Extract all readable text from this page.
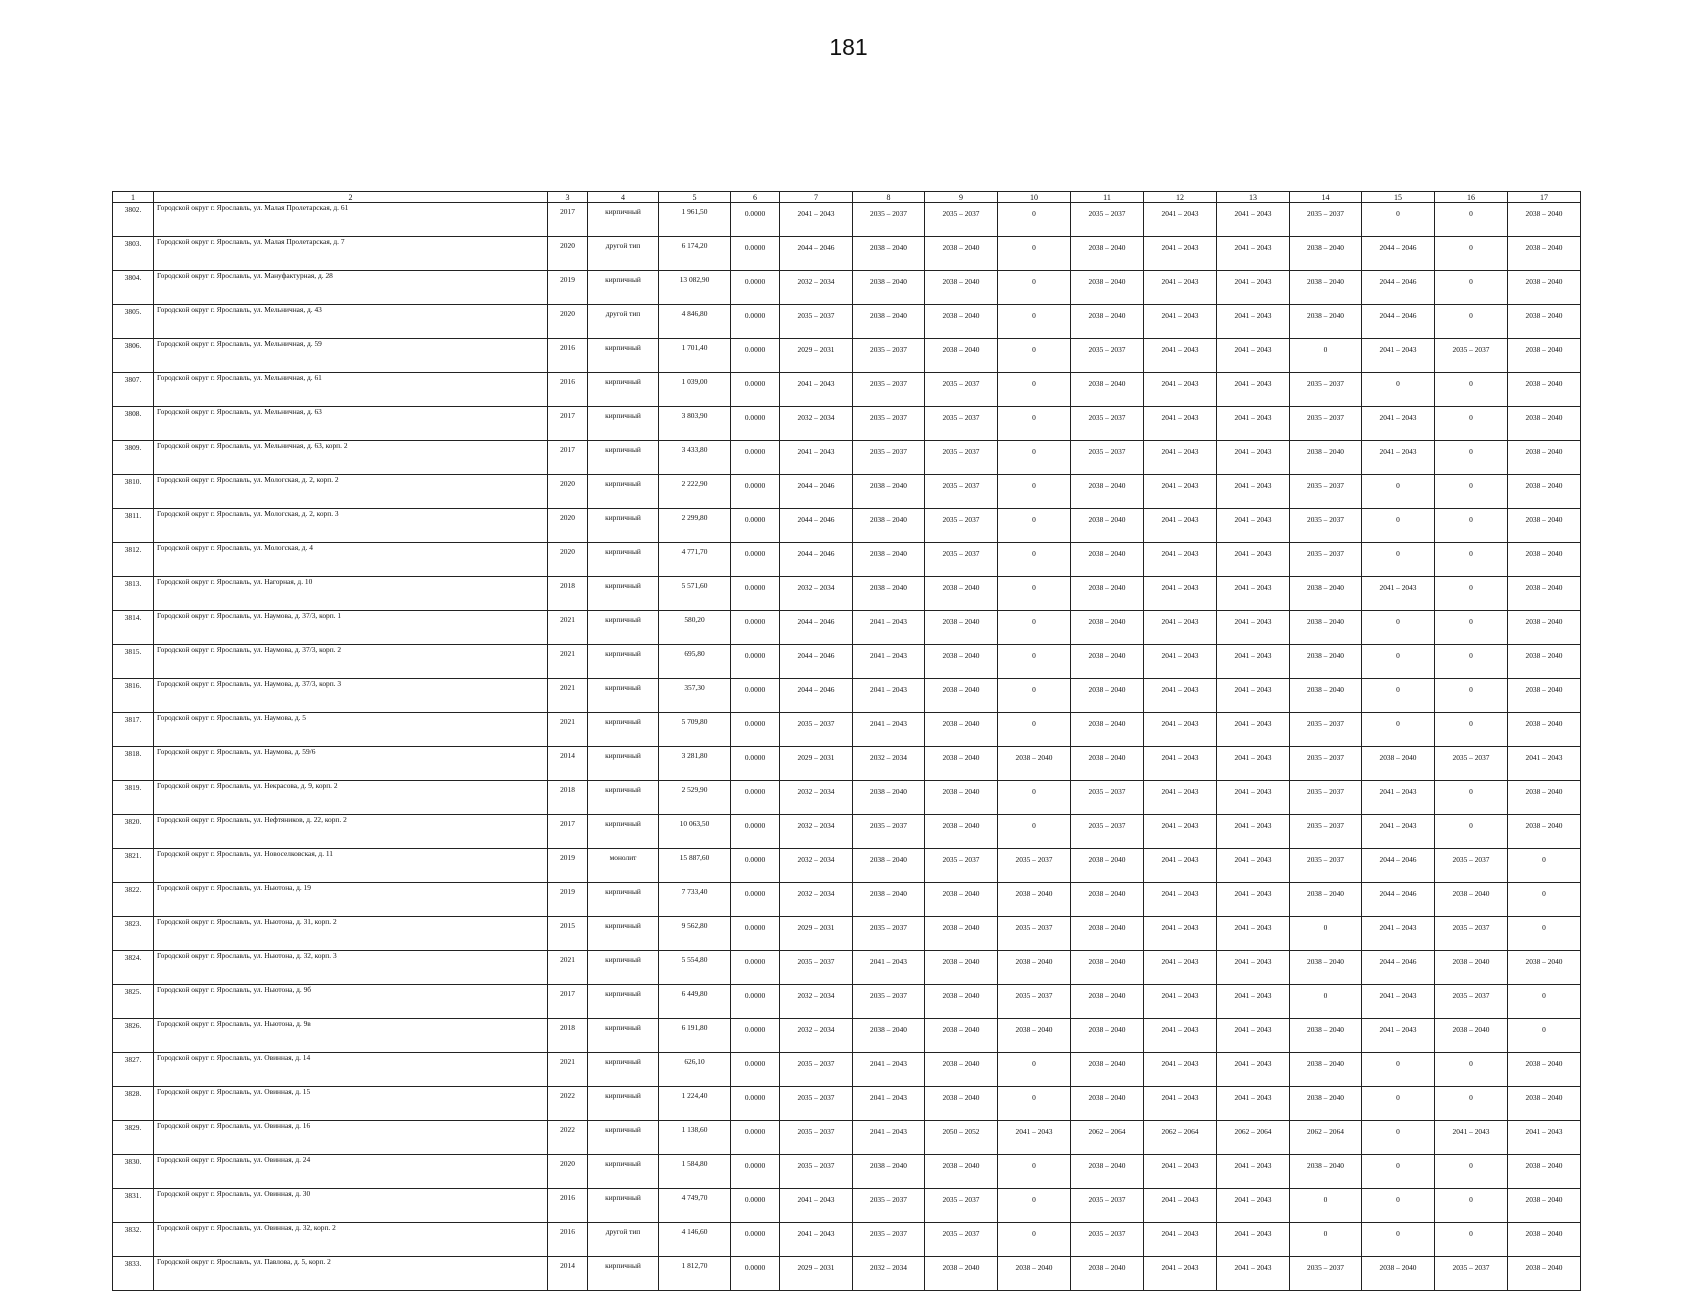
181
1	2	3	4	5	6	7	8	9	10	11	12	13	14	15	16	17
3802.	Городской округ г. Ярославль, ул. Малая Пролетарская, д. 61	2017	кирпичный	1 961,50	0.0000	2041 – 2043	2035 – 2037	2035 – 2037	0	2035 – 2037	2041 – 2043	2041 – 2043	2035 – 2037	0	0	2038 – 2040
3803.	Городской округ г. Ярославль, ул. Малая Пролетарская, д. 7	2020	другой тип	6 174,20	0.0000	2044 – 2046	2038 – 2040	2038 – 2040	0	2038 – 2040	2041 – 2043	2041 – 2043	2038 – 2040	2044 – 2046	0	2038 – 2040
3804.	Городской округ г. Ярославль, ул. Мануфактурная, д. 28	2019	кирпичный	13 082,90	0.0000	2032 – 2034	2038 – 2040	2038 – 2040	0	2038 – 2040	2041 – 2043	2041 – 2043	2038 – 2040	2044 – 2046	0	2038 – 2040
3805.	Городской округ г. Ярославль, ул. Мельничная, д. 43	2020	другой тип	4 846,80	0.0000	2035 – 2037	2038 – 2040	2038 – 2040	0	2038 – 2040	2041 – 2043	2041 – 2043	2038 – 2040	2044 – 2046	0	2038 – 2040
3806.	Городской округ г. Ярославль, ул. Мельничная, д. 59	2016	кирпичный	1 701,40	0.0000	2029 – 2031	2035 – 2037	2038 – 2040	0	2035 – 2037	2041 – 2043	2041 – 2043	0	2041 – 2043	2035 – 2037	2038 – 2040
3807.	Городской округ г. Ярославль, ул. Мельничная, д. 61	2016	кирпичный	1 039,00	0.0000	2041 – 2043	2035 – 2037	2035 – 2037	0	2038 – 2040	2041 – 2043	2041 – 2043	2035 – 2037	0	0	2038 – 2040
3808.	Городской округ г. Ярославль, ул. Мельничная, д. 63	2017	кирпичный	3 803,90	0.0000	2032 – 2034	2035 – 2037	2035 – 2037	0	2035 – 2037	2041 – 2043	2041 – 2043	2035 – 2037	2041 – 2043	0	2038 – 2040
3809.	Городской округ г. Ярославль, ул. Мельничная, д. 63, корп. 2	2017	кирпичный	3 433,80	0.0000	2041 – 2043	2035 – 2037	2035 – 2037	0	2035 – 2037	2041 – 2043	2041 – 2043	2038 – 2040	2041 – 2043	0	2038 – 2040
3810.	Городской округ г. Ярославль, ул. Мологская, д. 2, корп. 2	2020	кирпичный	2 222,90	0.0000	2044 – 2046	2038 – 2040	2035 – 2037	0	2038 – 2040	2041 – 2043	2041 – 2043	2035 – 2037	0	0	2038 – 2040
3811.	Городской округ г. Ярославль, ул. Мологская, д. 2, корп. 3	2020	кирпичный	2 299,80	0.0000	2044 – 2046	2038 – 2040	2035 – 2037	0	2038 – 2040	2041 – 2043	2041 – 2043	2035 – 2037	0	0	2038 – 2040
3812.	Городской округ г. Ярославль, ул. Мологская, д. 4	2020	кирпичный	4 771,70	0.0000	2044 – 2046	2038 – 2040	2035 – 2037	0	2038 – 2040	2041 – 2043	2041 – 2043	2035 – 2037	0	0	2038 – 2040
3813.	Городской округ г. Ярославль, ул. Нагорная, д. 10	2018	кирпичный	5 571,60	0.0000	2032 – 2034	2038 – 2040	2038 – 2040	0	2038 – 2040	2041 – 2043	2041 – 2043	2038 – 2040	2041 – 2043	0	2038 – 2040
3814.	Городской округ г. Ярославль, ул. Наумова, д. 37/3, корп. 1	2021	кирпичный	580,20	0.0000	2044 – 2046	2041 – 2043	2038 – 2040	0	2038 – 2040	2041 – 2043	2041 – 2043	2038 – 2040	0	0	2038 – 2040
3815.	Городской округ г. Ярославль, ул. Наумова, д. 37/3, корп. 2	2021	кирпичный	695,80	0.0000	2044 – 2046	2041 – 2043	2038 – 2040	0	2038 – 2040	2041 – 2043	2041 – 2043	2038 – 2040	0	0	2038 – 2040
3816.	Городской округ г. Ярославль, ул. Наумова, д. 37/3, корп. 3	2021	кирпичный	357,30	0.0000	2044 – 2046	2041 – 2043	2038 – 2040	0	2038 – 2040	2041 – 2043	2041 – 2043	2038 – 2040	0	0	2038 – 2040
3817.	Городской округ г. Ярославль, ул. Наумова, д. 5	2021	кирпичный	5 709,80	0.0000	2035 – 2037	2041 – 2043	2038 – 2040	0	2038 – 2040	2041 – 2043	2041 – 2043	2035 – 2037	0	0	2038 – 2040
3818.	Городской округ г. Ярославль, ул. Наумова, д. 59/6	2014	кирпичный	3 281,80	0.0000	2029 – 2031	2032 – 2034	2038 – 2040	2038 – 2040	2038 – 2040	2041 – 2043	2041 – 2043	2035 – 2037	2038 – 2040	2035 – 2037	2041 – 2043
3819.	Городской округ г. Ярославль, ул. Некрасова, д. 9, корп. 2	2018	кирпичный	2 529,90	0.0000	2032 – 2034	2038 – 2040	2038 – 2040	0	2035 – 2037	2041 – 2043	2041 – 2043	2035 – 2037	2041 – 2043	0	2038 – 2040
3820.	Городской округ г. Ярославль, ул. Нефтяников, д. 22, корп. 2	2017	кирпичный	10 063,50	0.0000	2032 – 2034	2035 – 2037	2038 – 2040	0	2035 – 2037	2041 – 2043	2041 – 2043	2035 – 2037	2041 – 2043	0	2038 – 2040
3821.	Городской округ г. Ярославль, ул. Новоселковская, д. 11	2019	монолит	15 887,60	0.0000	2032 – 2034	2038 – 2040	2035 – 2037	2035 – 2037	2038 – 2040	2041 – 2043	2041 – 2043	2035 – 2037	2044 – 2046	2035 – 2037	0
3822.	Городской округ г. Ярославль, ул. Ньютона, д. 19	2019	кирпичный	7 733,40	0.0000	2032 – 2034	2038 – 2040	2038 – 2040	2038 – 2040	2038 – 2040	2041 – 2043	2041 – 2043	2038 – 2040	2044 – 2046	2038 – 2040	0
3823.	Городской округ г. Ярославль, ул. Ньютона, д. 31, корп. 2	2015	кирпичный	9 562,80	0.0000	2029 – 2031	2035 – 2037	2038 – 2040	2035 – 2037	2038 – 2040	2041 – 2043	2041 – 2043	0	2041 – 2043	2035 – 2037	0
3824.	Городской округ г. Ярославль, ул. Ньютона, д. 32, корп. 3	2021	кирпичный	5 554,80	0.0000	2035 – 2037	2041 – 2043	2038 – 2040	2038 – 2040	2038 – 2040	2041 – 2043	2041 – 2043	2038 – 2040	2044 – 2046	2038 – 2040	2038 – 2040
3825.	Городской округ г. Ярославль, ул. Ньютона, д. 9б	2017	кирпичный	6 449,80	0.0000	2032 – 2034	2035 – 2037	2038 – 2040	2035 – 2037	2038 – 2040	2041 – 2043	2041 – 2043	0	2041 – 2043	2035 – 2037	0
3826.	Городской округ г. Ярославль, ул. Ньютона, д. 9в	2018	кирпичный	6 191,80	0.0000	2032 – 2034	2038 – 2040	2038 – 2040	2038 – 2040	2038 – 2040	2041 – 2043	2041 – 2043	2038 – 2040	2041 – 2043	2038 – 2040	0
3827.	Городской округ г. Ярославль, ул. Овинная, д. 14	2021	кирпичный	626,10	0.0000	2035 – 2037	2041 – 2043	2038 – 2040	0	2038 – 2040	2041 – 2043	2041 – 2043	2038 – 2040	0	0	2038 – 2040
3828.	Городской округ г. Ярославль, ул. Овинная, д. 15	2022	кирпичный	1 224,40	0.0000	2035 – 2037	2041 – 2043	2038 – 2040	0	2038 – 2040	2041 – 2043	2041 – 2043	2038 – 2040	0	0	2038 – 2040
3829.	Городской округ г. Ярославль, ул. Овинная, д. 16	2022	кирпичный	1 138,60	0.0000	2035 – 2037	2041 – 2043	2050 – 2052	2041 – 2043	2062 – 2064	2062 – 2064	2062 – 2064	2062 – 2064	0	2041 – 2043	2041 – 2043
3830.	Городской округ г. Ярославль, ул. Овинная, д. 24	2020	кирпичный	1 584,80	0.0000	2035 – 2037	2038 – 2040	2038 – 2040	0	2038 – 2040	2041 – 2043	2041 – 2043	2038 – 2040	0	0	2038 – 2040
3831.	Городской округ г. Ярославль, ул. Овинная, д. 30	2016	кирпичный	4 749,70	0.0000	2041 – 2043	2035 – 2037	2035 – 2037	0	2035 – 2037	2041 – 2043	2041 – 2043	0	0	0	2038 – 2040
3832.	Городской округ г. Ярославль, ул. Овинная, д. 32, корп. 2	2016	другой тип	4 146,60	0.0000	2041 – 2043	2035 – 2037	2035 – 2037	0	2035 – 2037	2041 – 2043	2041 – 2043	0	0	0	2038 – 2040
3833.	Городской округ г. Ярославль, ул. Павлова, д. 5, корп. 2	2014	кирпичный	1 812,70	0.0000	2029 – 2031	2032 – 2034	2038 – 2040	2038 – 2040	2038 – 2040	2041 – 2043	2041 – 2043	2035 – 2037	2038 – 2040	2035 – 2037	2038 – 2040
